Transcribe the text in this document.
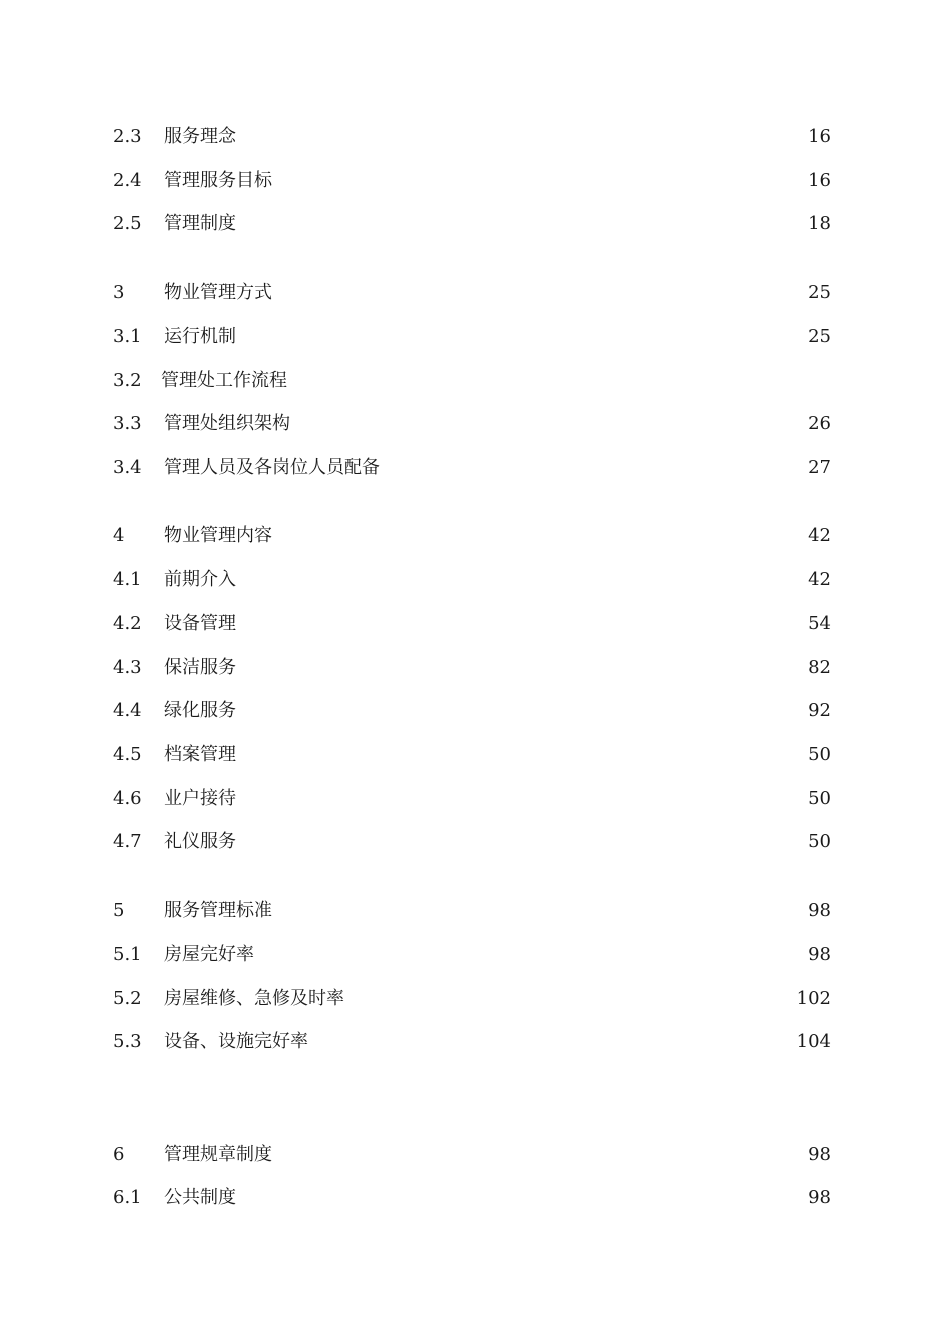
2.3 服务理念	16
2.4 管理服务目标	16
2.5 管理制度	18
3 物业管理方式	25
3.1 运行机制	25
3.2 管理处工作流程
3.3 管理处组织架构	26
3.4 管理人员及各岗位人员配备	27
4 物业管理内容	42
4.1 前期介入	42
4.2 设备管理	54
4.3 保洁服务	82
4.4 绿化服务	92
4.5 档案管理	50
4.6 业户接待	50
4.7 礼仪服务	50
5 服务管理标准	98
5.1 房屋完好率	98
5.2 房屋维修、急修及时率	102
5.3 设备、设施完好率	104
6 管理规章制度	98
6.1 公共制度	98
